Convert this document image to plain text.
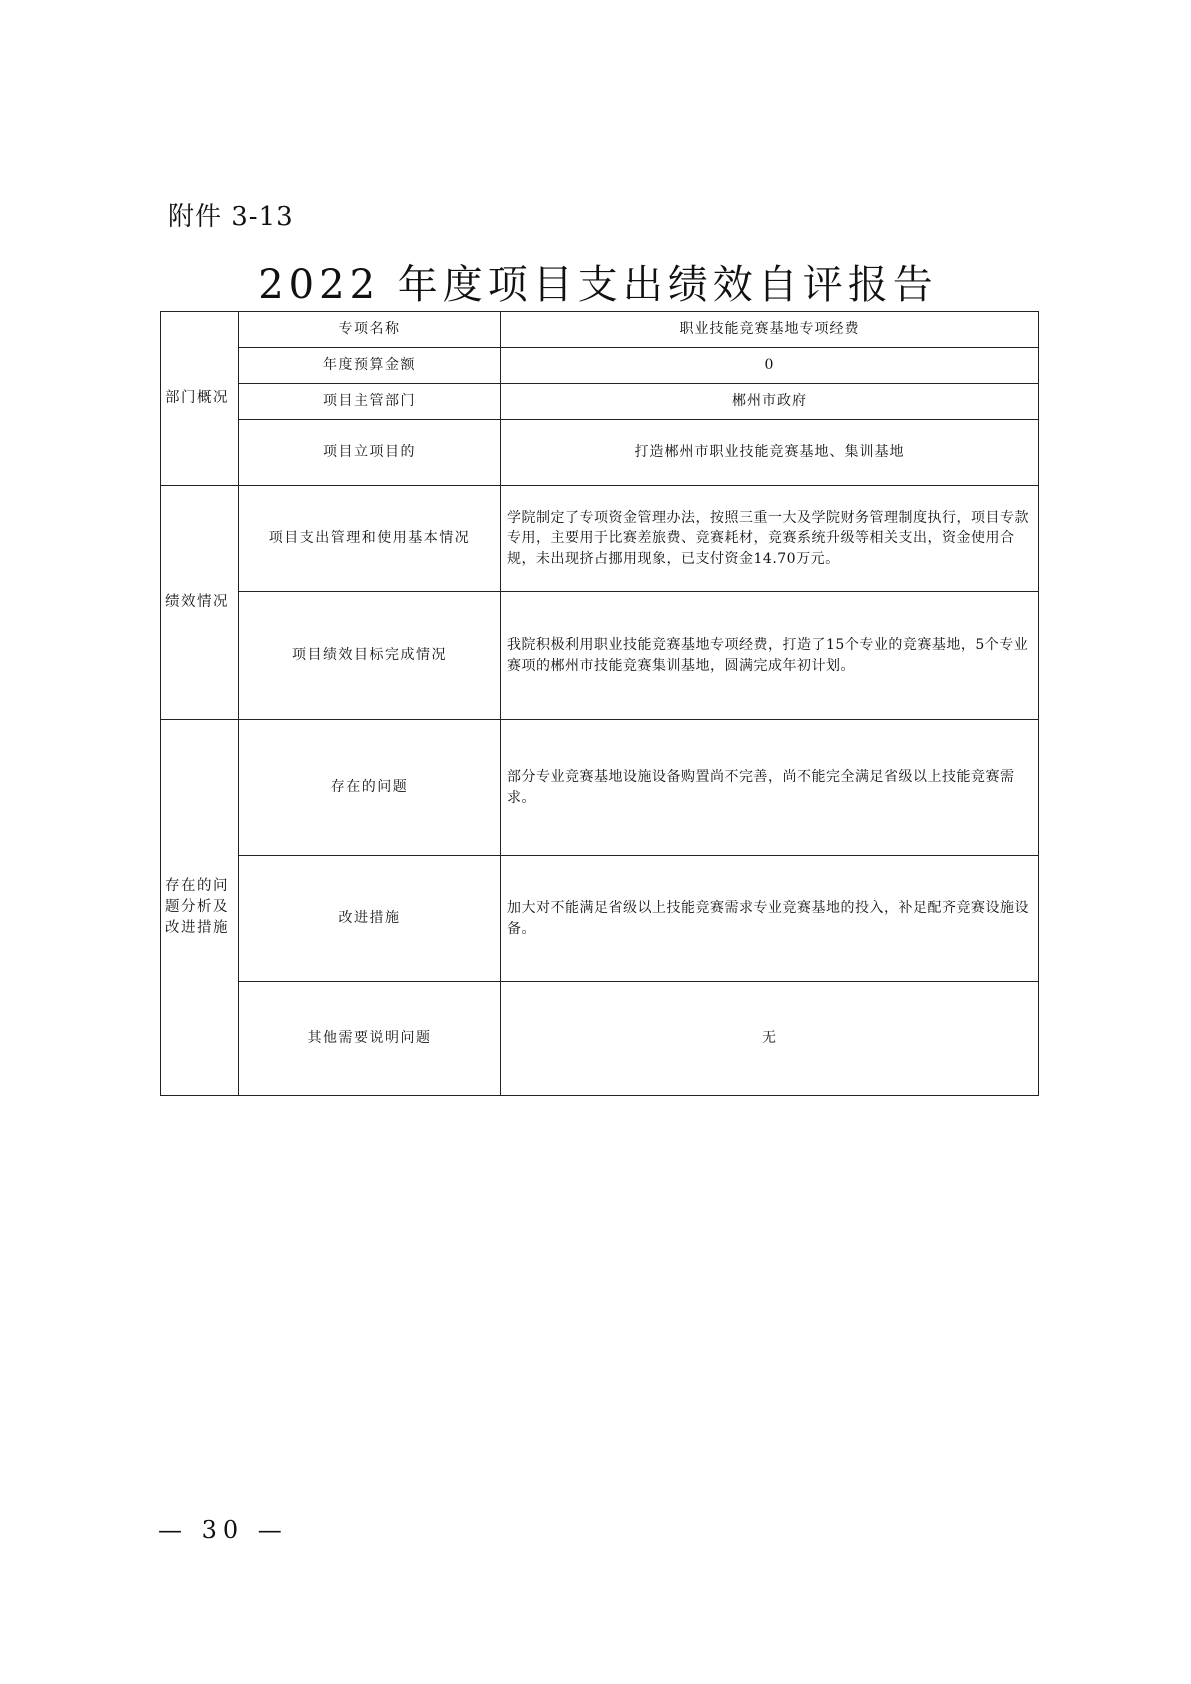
附件 3-13
2022 年度项目支出绩效自评报告
部门概况	专项名称	职业技能竞赛基地专项经费
	年度预算金额	0
	项目主管部门	郴州市政府
	项目立项目的	打造郴州市职业技能竞赛基地、集训基地
绩效情况	项目支出管理和使用基本情况	学院制定了专项资金管理办法，按照三重一大及学院财务管理制度执行，项目专款专用，主要用于比赛差旅费、竞赛耗材，竞赛系统升级等相关支出，资金使用合规，未出现挤占挪用现象，已支付资金14.70万元。
	项目绩效目标完成情况	我院积极利用职业技能竞赛基地专项经费，打造了15个专业的竞赛基地，5个专业赛项的郴州市技能竞赛集训基地，圆满完成年初计划。
存在的问题分析及改进措施	存在的问题	部分专业竞赛基地设施设备购置尚不完善，尚不能完全满足省级以上技能竞赛需求。
	改进措施	加大对不能满足省级以上技能竞赛需求专业竞赛基地的投入，补足配齐竞赛设施设备。
	其他需要说明问题	无
— 30 —
